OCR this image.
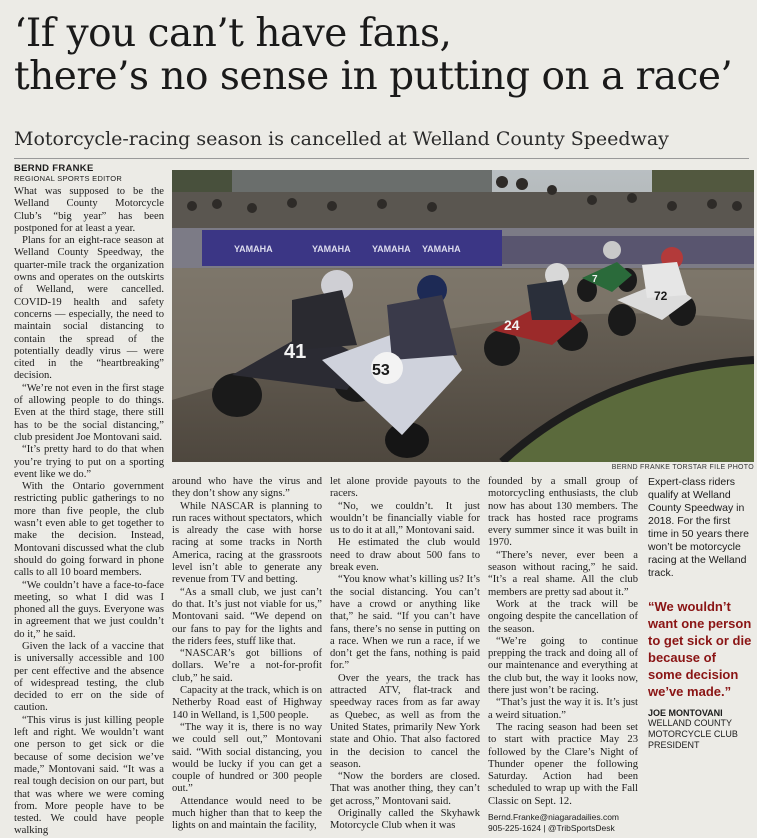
‘If you can’t have fans,
there’s no sense in putting on a race’
Motorcycle-racing season is cancelled at Welland County Speedway
BERND FRANKE
REGIONAL SPORTS EDITOR

What was supposed to be the Welland County Motorcycle Club’s “big year” has been postponed for at least a year.

Plans for an eight-race season at Welland County Speedway, the quarter-mile track the organization owns and operates on the outskirts of Welland, were cancelled. COVID-19 health and safety concerns — especially, the need to maintain social distancing to contain the spread of the potentially deadly virus — were cited in the “heartbreaking” decision.

“We’re not even in the first stage of allowing people to do things. Even at the third stage, there still has to be the social distancing,” club president Joe Montovani said.

“It’s pretty hard to do that when you’re trying to put on a sporting event like we do.”

With the Ontario government restricting public gatherings to no more than five people, the club wasn’t even able to get together to make the decision. Instead, Montovani discussed what the club should do going forward in phone calls to all 10 board members.

“We couldn’t have a face-to-face meeting, so what I did was I phoned all the guys. Everyone was in agreement that we just couldn’t do it,” he said.

Given the lack of a vaccine that is universally accessible and 100 per cent effective and the absence of widespread testing, the club decided to err on the side of caution.

“This virus is just killing people left and right. We wouldn’t want one person to get sick or die because of some decision we’ve made,” Montovani said. “It was a real tough decision on our part, but that was where we were coming from. More people have to be tested. We could have people walking

YAMAHA	YAMAHA YAMAHA YAMAHA
41
53
24
72
7
BERND FRANKE TORSTAR FILE PHOTO

around who have the virus and they don’t show any signs.”

While NASCAR is planning to run races without spectators, which is already the case with horse racing at some tracks in North America, racing at the grassroots level isn’t able to generate any revenue from TV and betting.

“As a small club, we just can’t do that. It’s just not viable for us,” Montovani said. “We depend on our fans to pay for the lights and the riders fees, stuff like that.

“NASCAR’s got billions of dollars. We’re a not-for-profit club,” he said.

Capacity at the track, which is on Netherby Road east of Highway 140 in Welland, is 1,500 people.

“The way it is, there is no way we could sell out,” Montovani said. “With social distancing, you would be lucky if you can get a couple of hundred or 300 people out.”

Attendance would need to be much higher than that to keep the lights on and maintain the facility,

let alone provide payouts to the racers.

“No, we couldn’t. It just wouldn’t be financially viable for us to do it at all,” Montovani said.

He estimated the club would need to draw about 500 fans to break even.

“You know what’s killing us? It’s the social distancing. You can’t have a crowd or anything like that,” he said. “If you can’t have fans, there’s no sense in putting on a race. When we run a race, if we don’t get the fans, nothing is paid for.”

Over the years, the track has attracted ATV, flat-track and speedway races from as far away as Quebec, as well as from the United States, primarily New York state and Ohio. That also factored in the decision to cancel the season.

“Now the borders are closed. That was another thing, they can’t get across,” Montovani said.

Originally called the Skyhawk Motorcycle Club when it was

founded by a small group of motorcycling enthusiasts, the club now has about 130 members. The track has hosted race programs every summer since it was built in 1970.

“There’s never, ever been a season without racing,” he said. “It’s a real shame. All the club members are pretty sad about it.”

Work at the track will be ongoing despite the cancellation of the season.

“We’re going to continue prepping the track and doing all of our maintenance and everything at the club but, the way it looks now, there just won’t be racing.

“That’s just the way it is. It’s just a weird situation.”

The racing season had been set to start with practice May 23 followed by the Clare’s Night of Thunder opener the following Saturday. Action had been scheduled to wrap up with the Fall Classic on Sept. 12.

Bernd.Franke@niagaradailies.com
905-225-1624 | @TribSportsDesk

Expert-class riders qualify at Welland County Speedway in 2018. For the first time in 50 years there won’t be motorcycle racing at the Welland track.
“We wouldn’t want one person to get sick or die because of some decision we’ve made.”
JOE MONTOVANI
WELLAND COUNTY MOTORCYCLE CLUB PRESIDENT
